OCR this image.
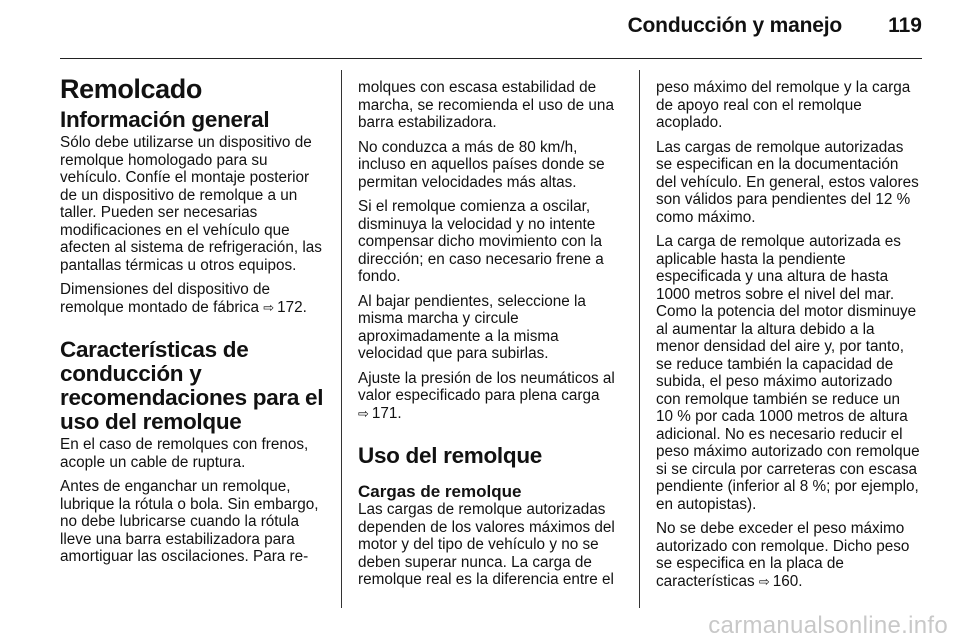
Conducción y manejo	119
Remolcado
Información general

Sólo debe utilizarse un dispositivo de remolque homologado para su vehículo. Confíe el montaje posterior de un dispositivo de remolque a un taller. Pueden ser necesarias modificaciones en el vehículo que afecten al sistema de refrigeración, las pantallas térmicas u otros equipos.

Dimensiones del dispositivo de remolque montado de fábrica ⇨ 172.

Características de conducción y recomendaciones para el uso del remolque

En el caso de remolques con frenos, acople un cable de ruptura.

Antes de enganchar un remolque, lubrique la rótula o bola. Sin embargo, no debe lubricarse cuando la rótula lleve una barra estabilizadora para amortiguar las oscilaciones. Para re-

molques con escasa estabilidad de marcha, se recomienda el uso de una barra estabilizadora.

No conduzca a más de 80 km/h, incluso en aquellos países donde se permitan velocidades más altas.

Si el remolque comienza a oscilar, disminuya la velocidad y no intente compensar dicho movimiento con la dirección; en caso necesario frene a fondo.

Al bajar pendientes, seleccione la misma marcha y circule aproximadamente a la misma velocidad que para subirlas.

Ajuste la presión de los neumáticos al valor especificado para plena carga ⇨ 171.

Uso del remolque
Cargas de remolque

Las cargas de remolque autorizadas dependen de los valores máximos del motor y del tipo de vehículo y no se deben superar nunca. La carga de remolque real es la diferencia entre el

peso máximo del remolque y la carga de apoyo real con el remolque acoplado.

Las cargas de remolque autorizadas se especifican en la documentación del vehículo. En general, estos valores son válidos para pendientes del 12 % como máximo.

La carga de remolque autorizada es aplicable hasta la pendiente especificada y una altura de hasta 1000 metros sobre el nivel del mar. Como la potencia del motor disminuye al aumentar la altura debido a la menor densidad del aire y, por tanto, se reduce también la capacidad de subida, el peso máximo autorizado con remolque también se reduce un 10 % por cada 1000 metros de altura adicional. No es necesario reducir el peso máximo autorizado con remolque si se circula por carreteras con escasa pendiente (inferior al 8 %; por ejemplo, en autopistas).

No se debe exceder el peso máximo autorizado con remolque. Dicho peso se especifica en la placa de características ⇨ 160.

carmanualsonline.info
